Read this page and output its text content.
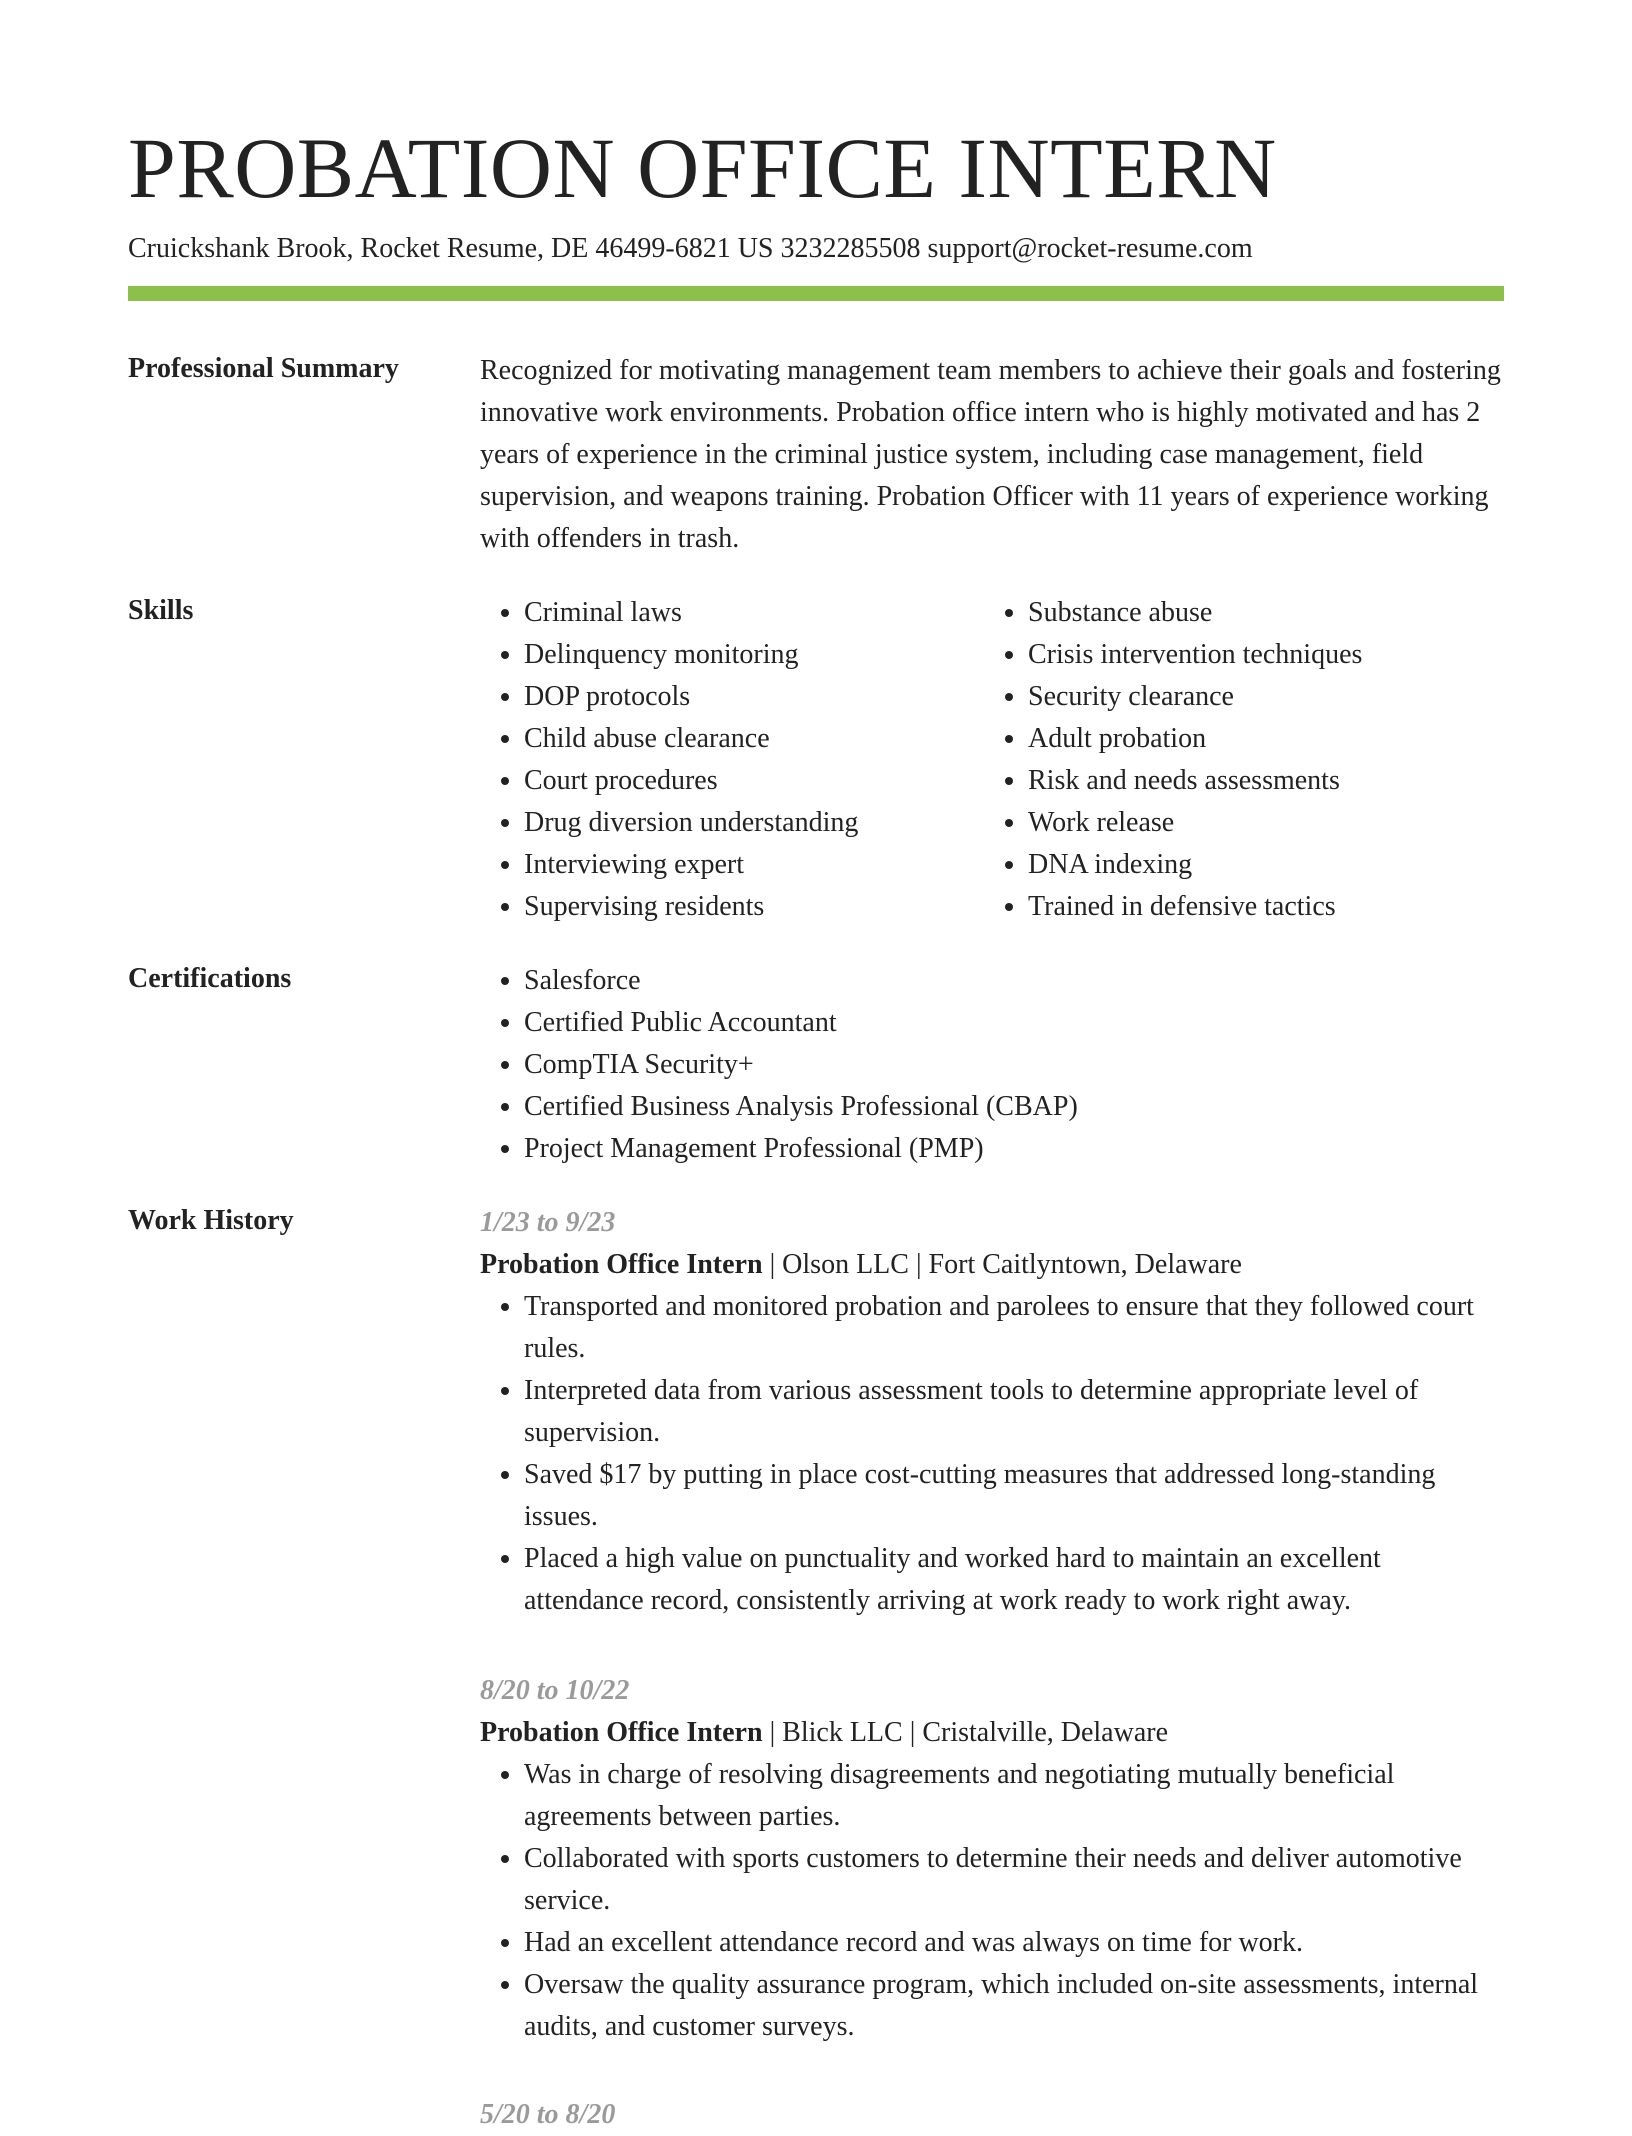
PROBATION OFFICE INTERN
Cruickshank Brook, Rocket Resume, DE 46499-6821 US 3232285508 support@rocket-resume.com
Professional Summary	Recognized for motivating management team members to achieve their goals and fostering innovative work environments. Probation office intern who is highly motivated and has 2 years of experience in the criminal justice system, including case management, field supervision, and weapons training. Probation Officer with 11 years of experience working with offenders in trash.

Skills	• Criminal laws
• Delinquency monitoring
• DOP protocols
• Child abuse clearance
• Court procedures
• Drug diversion understanding
• Interviewing expert
• Supervising residents
• Substance abuse
• Crisis intervention techniques
• Security clearance
• Adult probation
• Risk and needs assessments
• Work release
• DNA indexing
• Trained in defensive tactics
Certifications	• Salesforce
• Certified Public Accountant
• CompTIA Security+
• Certified Business Analysis Professional (CBAP)
• Project Management Professional (PMP)
Work History	1/23 to 9/23
Probation Office Intern | Olson LLC | Fort Caitlyntown, Delaware
• Transported and monitored probation and parolees to ensure that they followed court rules.
• Interpreted data from various assessment tools to determine appropriate level of supervision.
• Saved $17 by putting in place cost-cutting measures that addressed long-standing issues.
• Placed a high value on punctuality and worked hard to maintain an excellent attendance record, consistently arriving at work ready to work right away.
8/20 to 10/22
Probation Office Intern | Blick LLC | Cristalville, Delaware
• Was in charge of resolving disagreements and negotiating mutually beneficial agreements between parties.
• Collaborated with sports customers to determine their needs and deliver automotive service.
• Had an excellent attendance record and was always on time for work.
• Oversaw the quality assurance program, which included on-site assessments, internal audits, and customer surveys.
5/20 to 8/20
